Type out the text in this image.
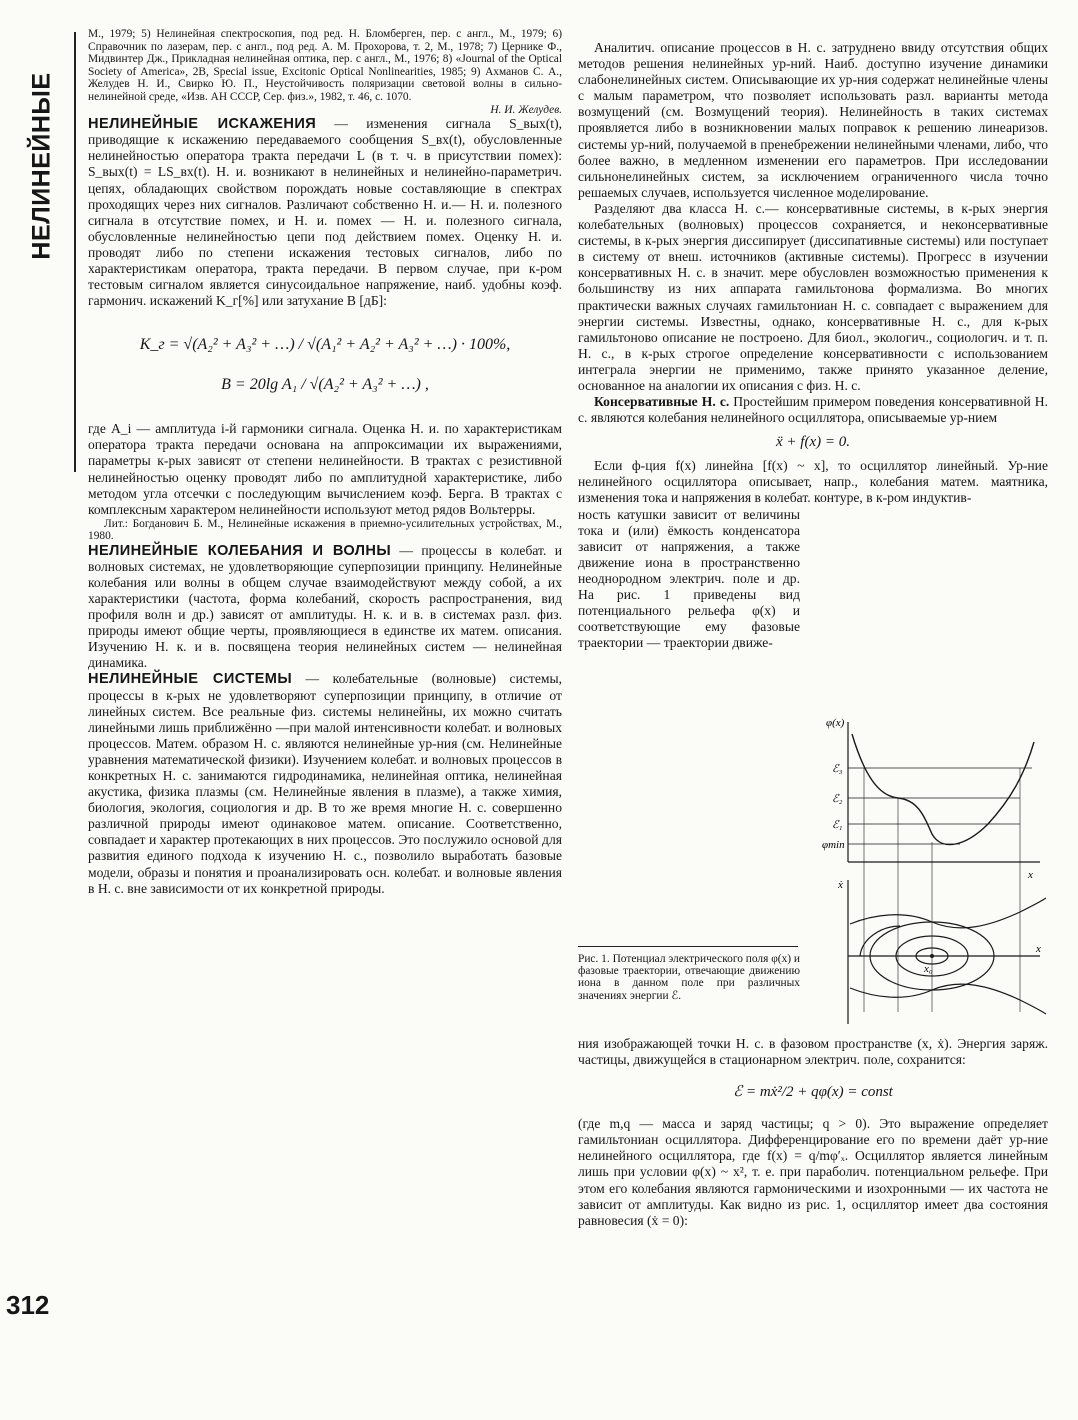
НЕЛИНЕЙНЫЕ
312

М., 1979; 5) Нелинейная спектроскопия, под ред. Н. Бломберген, пер. с англ., М., 1979; 6) Справочник по лазерам, пер. с англ., под ред. А. М. Прохорова, т. 2, М., 1978; 7) Цернике Ф., Мидвинтер Дж., Прикладная нелинейная оптика, пер. с англ., М., 1976; 8) «Journal of the Optical Society of America», 2В, Special issue, Excitonic Optical Nonlinearities, 1985; 9) Ахманов С. А., Желудев Н. И., Свирко Ю. П., Неустойчивость поляризации световой волны в сильно-нелинейной среде, «Изв. АН СССР, Сер. физ.», 1982, т. 46, с. 1070.

Н. И. Желудев.

НЕЛИНЕЙНЫЕ ИСКАЖЕНИЯ — изменения сигнала S_вых(t), приводящие к искажению передаваемого сообщения S_вх(t), обусловленные нелинейностью оператора тракта передачи L (в т. ч. в присутствии помех): S_вых(t) = LS_вх(t). Н. и. возникают в нелинейных и нелинейно-параметрич. цепях, обладающих свойством порождать новые составляющие в спектрах проходящих через них сигналов. Различают собственно Н. и.— Н. и. полезного сигнала в отсутствие помех, и Н. и. помех — Н. и. полезного сигнала, обусловленные нелинейностью цепи под действием помех. Оценку Н. и. проводят либо по степени искажения тестовых сигналов, либо по характеристикам оператора, тракта передачи. В первом случае, при к-ром тестовым сигналом является синусоидальное напряжение, наиб. удобны коэф. гармонич. искажений K_г[%] или затухание B [дБ]:

K_г = √(A₂² + A₃² + …) / √(A₁² + A₂² + A₃² + …) · 100%,
B = 20lg A₁ / √(A₂² + A₃² + …) ,

где A_i — амплитуда i-й гармоники сигнала. Оценка Н. и. по характеристикам оператора тракта передачи основана на аппроксимации их выражениями, параметры к-рых зависят от степени нелинейности. В трактах с резистивной нелинейностью оценку проводят либо по амплитудной характеристике, либо методом угла отсечки с последующим вычислением коэф. Берга. В трактах с комплексным характером нелинейности используют метод рядов Вольтерры.

Лит.: Богданович Б. М., Нелинейные искажения в приемно-усилительных устройствах, М., 1980.

НЕЛИНЕЙНЫЕ КОЛЕБАНИЯ И ВОЛНЫ — процессы в колебат. и волновых системах, не удовлетворяющие суперпозиции принципу. Нелинейные колебания или волны в общем случае взаимодействуют между собой, а их характеристики (частота, форма колебаний, скорость распространения, вид профиля волн и др.) зависят от амплитуды. Н. к. и в. в системах разл. физ. природы имеют общие черты, проявляющиеся в единстве их матем. описания. Изучению Н. к. и в. посвящена теория нелинейных систем — нелинейная динамика.

НЕЛИНЕЙНЫЕ СИСТЕМЫ — колебательные (волновые) системы, процессы в к-рых не удовлетворяют суперпозиции принципу, в отличие от линейных систем. Все реальные физ. системы нелинейны, их можно считать линейными лишь приближённо —при малой интенсивности колебат. и волновых процессов. Матем. образом Н. с. являются нелинейные ур-ния (см. Нелинейные уравнения математической физики). Изучением колебат. и волновых процессов в конкретных Н. с. занимаются гидродинамика, нелинейная оптика, нелинейная акустика, физика плазмы (см. Нелинейные явления в плазме), а также химия, биология, экология, социология и др. В то же время многие Н. с. совершенно различной природы имеют одинаковое матем. описание. Соответственно, совпадает и характер протекающих в них процессов. Это послужило основой для развития единого подхода к изучению Н. с., позволило выработать базовые модели, образы и понятия и проанализировать осн. колебат. и волновые явления в Н. с. вне зависимости от их конкретной природы.

Аналитич. описание процессов в Н. с. затруднено ввиду отсутствия общих методов решения нелинейных ур-ний. Наиб. доступно изучение динамики слабонелинейных систем. Описывающие их ур-ния содержат нелинейные члены с малым параметром, что позволяет использовать разл. варианты метода возмущений (см. Возмущений теория). Нелинейность в таких системах проявляется либо в возникновении малых поправок к решению линеаризов. системы ур-ний, получаемой в пренебрежении нелинейными членами, либо, что более важно, в медленном изменении его параметров. При исследовании сильнонелинейных систем, за исключением ограниченного числа точно решаемых случаев, используется численное моделирование.

Разделяют два класса Н. с.— консервативные системы, в к-рых энергия колебательных (волновых) процессов сохраняется, и неконсервативные системы, в к-рых энергия диссипирует (диссипативные системы) или поступает в систему от внеш. источников (активные системы). Прогресс в изучении консервативных Н. с. в значит. мере обусловлен возможностью применения к большинству из них аппарата гамильтонова формализма. Во многих практически важных случаях гамильтониан Н. с. совпадает с выражением для энергии системы. Известны, однако, консервативные Н. с., для к-рых гамильтоново описание не построено. Для биол., экологич., социологич. и т. п. Н. с., в к-рых строгое определение консервативности с использованием интеграла энергии не применимо, также принято указанное деление, основанное на аналогии их описания с физ. Н. с.

Консервативные Н. с. Простейшим примером поведения консервативной Н. с. являются колебания нелинейного осциллятора, описываемые ур-нием

ẍ + f(x) = 0.

Если ф-ция f(x) линейна [f(x) ~ x], то осциллятор линейный. Ур-ние нелинейного осциллятора описывает, напр., колебания матем. маятника, изменения тока и напряжения в колебат. контуре, в к-ром индуктив-

ность катушки зависит от величины тока и (или) ёмкость конденсатора зависит от напряжения, а также движение иона в пространственно неоднородном электрич. поле и др. На рис. 1 приведены вид потенциального рельефа φ(x) и соответствующие ему фазовые траектории — траектории движе-

Рис. 1. Потенциал электрического поля φ(x) и фазовые траектории, отвечающие движению иона в данном поле при различных значениях энергии ℰ.
φ(x)
ℰ₃
ℰ₂
ℰ₁
φmin
x
ẋ
x
x₀

ния изображающей точки Н. с. в фазовом пространстве (x, ẋ). Энергия заряж. частицы, движущейся в стационарном электрич. поле, сохранится:

ℰ = mẋ²/2 + qφ(x) = const

(где m,q — масса и заряд частицы; q > 0). Это выражение определяет гамильтониан осциллятора. Дифференцирование его по времени даёт ур-ние нелинейного осциллятора, где f(x) = q/mφ′ₓ. Осциллятор является линейным лишь при условии φ(x) ~ x², т. е. при параболич. потенциальном рельефе. При этом его колебания являются гармоническими и изохронными — их частота не зависит от амплитуды. Как видно из рис. 1, осциллятор имеет два состояния равновесия (ẋ = 0):
